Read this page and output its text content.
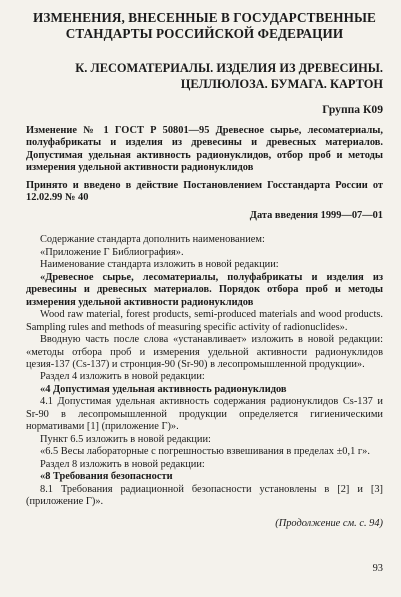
ИЗМЕНЕНИЯ, ВНЕСЕННЫЕ В ГОСУДАРСТВЕННЫЕ
СТАНДАРТЫ РОССИЙСКОЙ ФЕДЕРАЦИИ
К. ЛЕСОМАТЕРИАЛЫ. ИЗДЕЛИЯ ИЗ ДРЕВЕСИНЫ.
ЦЕЛЛЮЛОЗА. БУМАГА. КАРТОН
Группа К09

Изменение № 1 ГОСТ Р 50801—95 Древесное сырье, лесоматериалы, полуфабрикаты и изделия из древесины и древесных материалов. Допустимая удельная активность радионуклидов, отбор проб и методы измерения удельной активности радионуклидов

Принято и введено в действие Постановлением Госстандарта России от 12.02.99 № 40

Дата введения 1999—07—01

Содержание стандарта дополнить наименованием:

«Приложение Г Библиография».

Наименование стандарта изложить в новой редакции:

«Древесное сырье, лесоматериалы, полуфабрикаты и изделия из древесины и древесных материалов. Порядок отбора проб и методы измерения удельной активности радионуклидов

Wood raw material, forest products, semi-produced materials and wood products. Sampling rules and methods of measuring specific activity of radionuclides».

Вводную часть после слова «устанавливает» изложить в новой редакции: «методы отбора проб и измерения удельной активности радионуклидов цезия-137 (Cs-137) и стронция-90 (Sr-90) в лесопромышленной продукции».

Раздел 4 изложить в новой редакции:

«4 Допустимая удельная активность радионуклидов

4.1 Допустимая удельная активность содержания радионуклидов Cs-137 и Sr-90 в лесопромышленной продукции определяется гигиеническими нормативами [1] (приложение Г)».

Пункт 6.5 изложить в новой редакции:

«6.5 Весы лабораторные с погрешностью взвешивания в пределах ±0,1 г».

Раздел 8 изложить в новой редакции:

«8 Требования безопасности

8.1 Требования радиационной безопасности установлены в [2] и [3] (приложение Г)».

(Продолжение см. с. 94)
93
